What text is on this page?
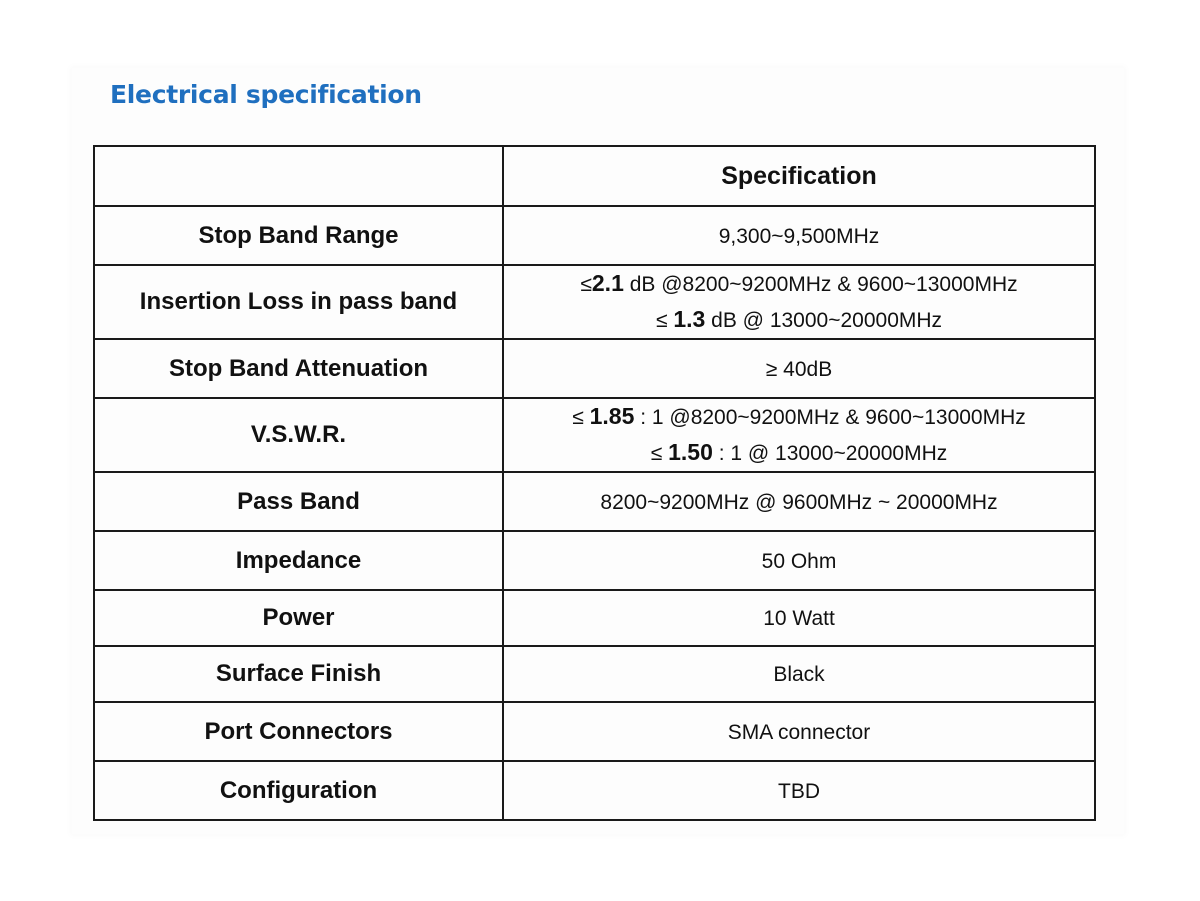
Electrical specification
	Specification
Stop Band Range	9,300~9,500MHz

Insertion Loss in pass band	≤2.1 dB @8200~9200MHz & 9600~13000MHz
≤ 1.3 dB @ 13000~20000MHz

Stop Band Attenuation	≥ 40dB

V.S.W.R.	≤ 1.85 : 1 @8200~9200MHz & 9600~13000MHz
≤ 1.50 : 1 @ 13000~20000MHz

Pass Band	8200~9200MHz @ 9600MHz ~ 20000MHz

Impedance	50 Ohm

Power	10 Watt

Surface Finish	Black

Port Connectors	SMA connector

Configuration	TBD
